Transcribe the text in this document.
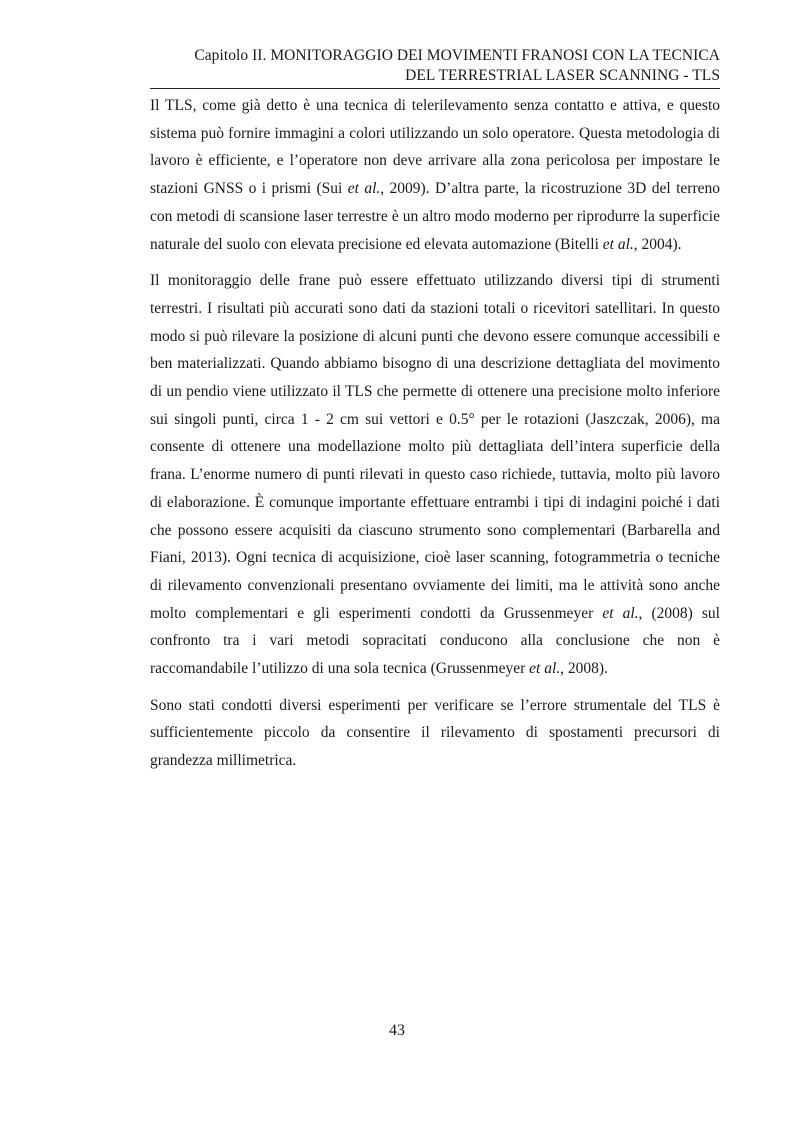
Capitolo II. MONITORAGGIO DEI MOVIMENTI FRANOSI CON LA TECNICA
DEL TERRESTRIAL LASER SCANNING - TLS

Il TLS, come già detto è una tecnica di telerilevamento senza contatto e attiva, e questo sistema può fornire immagini a colori utilizzando un solo operatore. Questa metodologia di lavoro è efficiente, e l’operatore non deve arrivare alla zona pericolosa per impostare le stazioni GNSS o i prismi (Sui et al., 2009). D’altra parte, la ricostruzione 3D del terreno con metodi di scansione laser terrestre è un altro modo moderno per riprodurre la superficie naturale del suolo con elevata precisione ed elevata automazione (Bitelli et al., 2004).

Il monitoraggio delle frane può essere effettuato utilizzando diversi tipi di strumenti terrestri. I risultati più accurati sono dati da stazioni totali o ricevitori satellitari. In questo modo si può rilevare la posizione di alcuni punti che devono essere comunque accessibili e ben materializzati. Quando abbiamo bisogno di una descrizione dettagliata del movimento di un pendio viene utilizzato il TLS che permette di ottenere una precisione molto inferiore sui singoli punti, circa 1 - 2 cm sui vettori e 0.5° per le rotazioni (Jaszczak, 2006), ma consente di ottenere una modellazione molto più dettagliata dell’intera superficie della frana. L’enorme numero di punti rilevati in questo caso richiede, tuttavia, molto più lavoro di elaborazione. È comunque importante effettuare entrambi i tipi di indagini poiché i dati che possono essere acquisiti da ciascuno strumento sono complementari (Barbarella and Fiani, 2013). Ogni tecnica di acquisizione, cioè laser scanning, fotogrammetria o tecniche di rilevamento convenzionali presentano ovviamente dei limiti, ma le attività sono anche molto complementari e gli esperimenti condotti da Grussenmeyer et al., (2008) sul confronto tra i vari metodi sopracitati conducono alla conclusione che non è raccomandabile l’utilizzo di una sola tecnica (Grussenmeyer et al., 2008).

Sono stati condotti diversi esperimenti per verificare se l’errore strumentale del TLS è sufficientemente piccolo da consentire il rilevamento di spostamenti precursori di grandezza millimetrica.

43
